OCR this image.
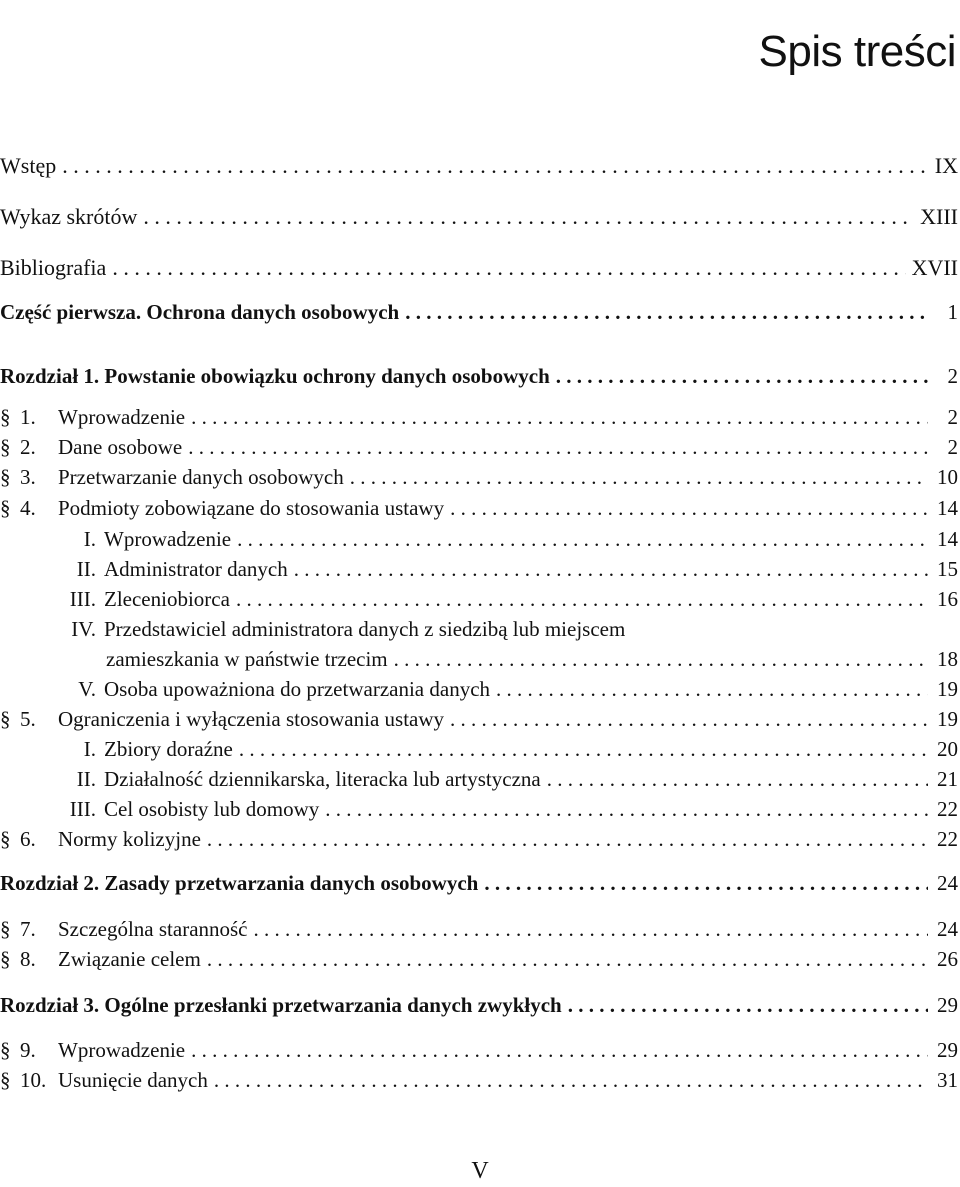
Spis treści
Wstęp . . .	IX
Wykaz skrótów . . .	XIII
Bibliografia . . .	XVII
Część pierwsza. Ochrona danych osobowych . . .	1
Rozdział 1. Powstanie obowiązku ochrony danych osobowych . . .	2
§ 1.	Wprowadzenie . . .	2
§ 2.	Dane osobowe . . .	2
§ 3.	Przetwarzanie danych osobowych . . .	10
§ 4.	Podmioty zobowiązane do stosowania ustawy . . .	14
I. Wprowadzenie . . .	14
II. Administrator danych . . .	15
III. Zleceniobiorca . . .	16
IV. Przedstawiciel administratora danych z siedzibą lub miejscem
zamieszkania w państwie trzecim . . .	18
V. Osoba upoważniona do przetwarzania danych . . .	19
§ 5.	Ograniczenia i wyłączenia stosowania ustawy . . .	19
I. Zbiory doraźne . . .	20
II. Działalność dziennikarska, literacka lub artystyczna . . .	21
III. Cel osobisty lub domowy . . .	22
§ 6.	Normy kolizyjne . . .	22
Rozdział 2. Zasady przetwarzania danych osobowych . . .	24
§ 7.	Szczególna staranność . . .	24
§ 8.	Związanie celem . . .	26
Rozdział 3. Ogólne przesłanki przetwarzania danych zwykłych . . .	29
§ 9.	Wprowadzenie . . .	29
§ 10. Usunięcie danych . . .	31
V
